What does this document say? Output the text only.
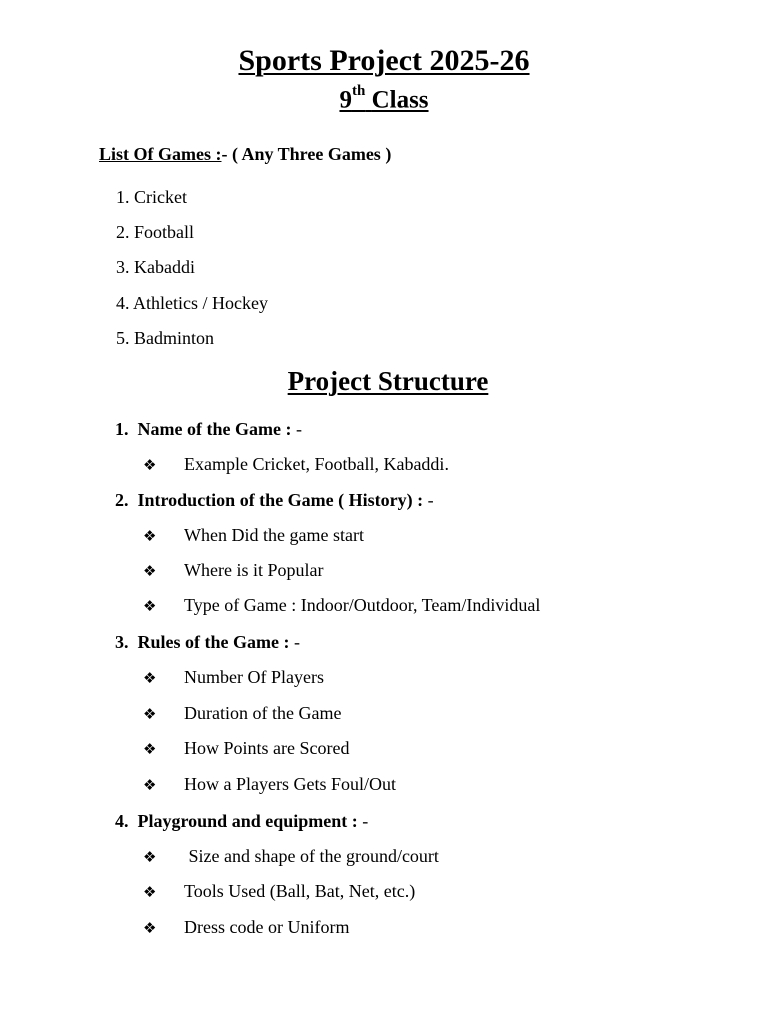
Sports Project 2025-26
9th Class
List Of Games :- ( Any Three Games )
1. Cricket
2. Football
3. Kabaddi
4. Athletics / Hockey
5. Badminton
Project Structure
1. Name of the Game : -
❖ Example Cricket, Football, Kabaddi.
2. Introduction of the Game ( History) : -
❖ When Did the game start
❖ Where is it Popular
❖ Type of Game : Indoor/Outdoor, Team/Individual
3. Rules of the Game : -
❖ Number Of Players
❖ Duration of the Game
❖ How Points are Scored
❖ How a Players Gets Foul/Out
4. Playground and equipment : -
❖ Size and shape of the ground/court
❖ Tools Used (Ball, Bat, Net, etc.)
❖ Dress code or Uniform
